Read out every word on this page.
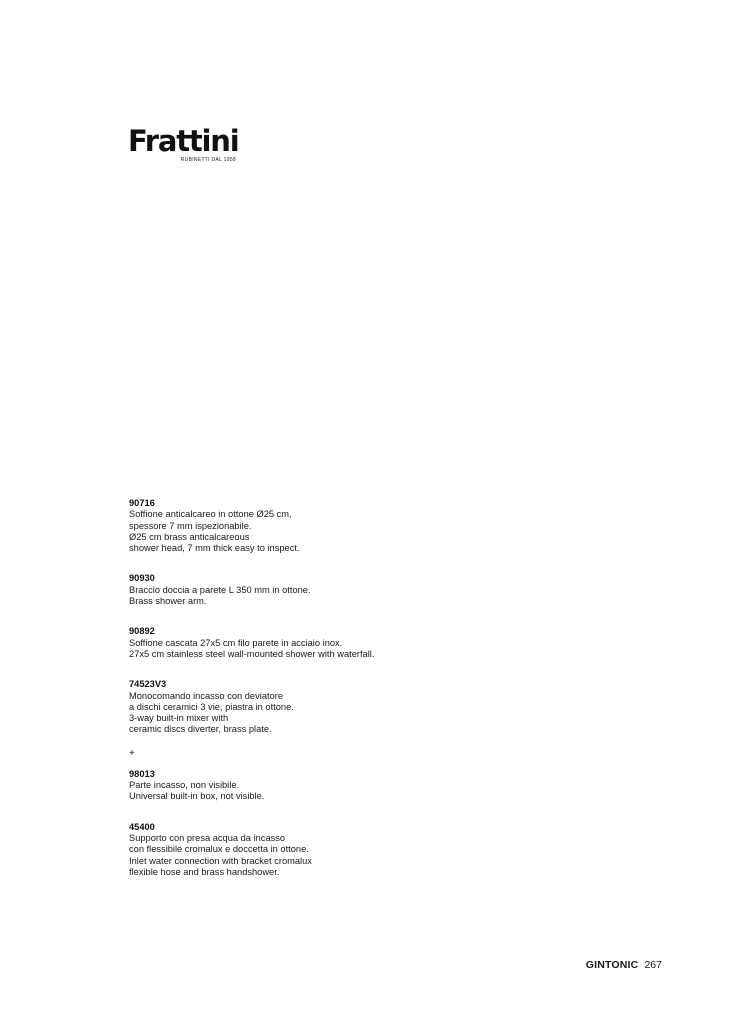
Frattini
RUBINETTI DAL 1958
90716
Soffione anticalcareo in ottone Ø25 cm,
spessore 7 mm ispezionabile.
Ø25 cm brass anticalcareous
shower head, 7 mm thick easy to inspect.
90930
Braccio doccia a parete L 350 mm in ottone.
Brass shower arm.
90892
Soffione cascata 27x5 cm filo parete in acciaio inox.
27x5 cm stainless steel wall-mounted shower with waterfall.
74523V3
Monocomando incasso con deviatore
a dischi ceramici 3 vie, piastra in ottone.
3-way built-in mixer with
ceramic discs diverter, brass plate.
+
98013
Parte incasso, non visibile.
Universal built-in box, not visible.
45400
Supporto con presa acqua da incasso
con flessibile cromalux e doccetta in ottone.
Inlet water connection with bracket cromalux
flexible hose and brass handshower.
GINTONIC 267
